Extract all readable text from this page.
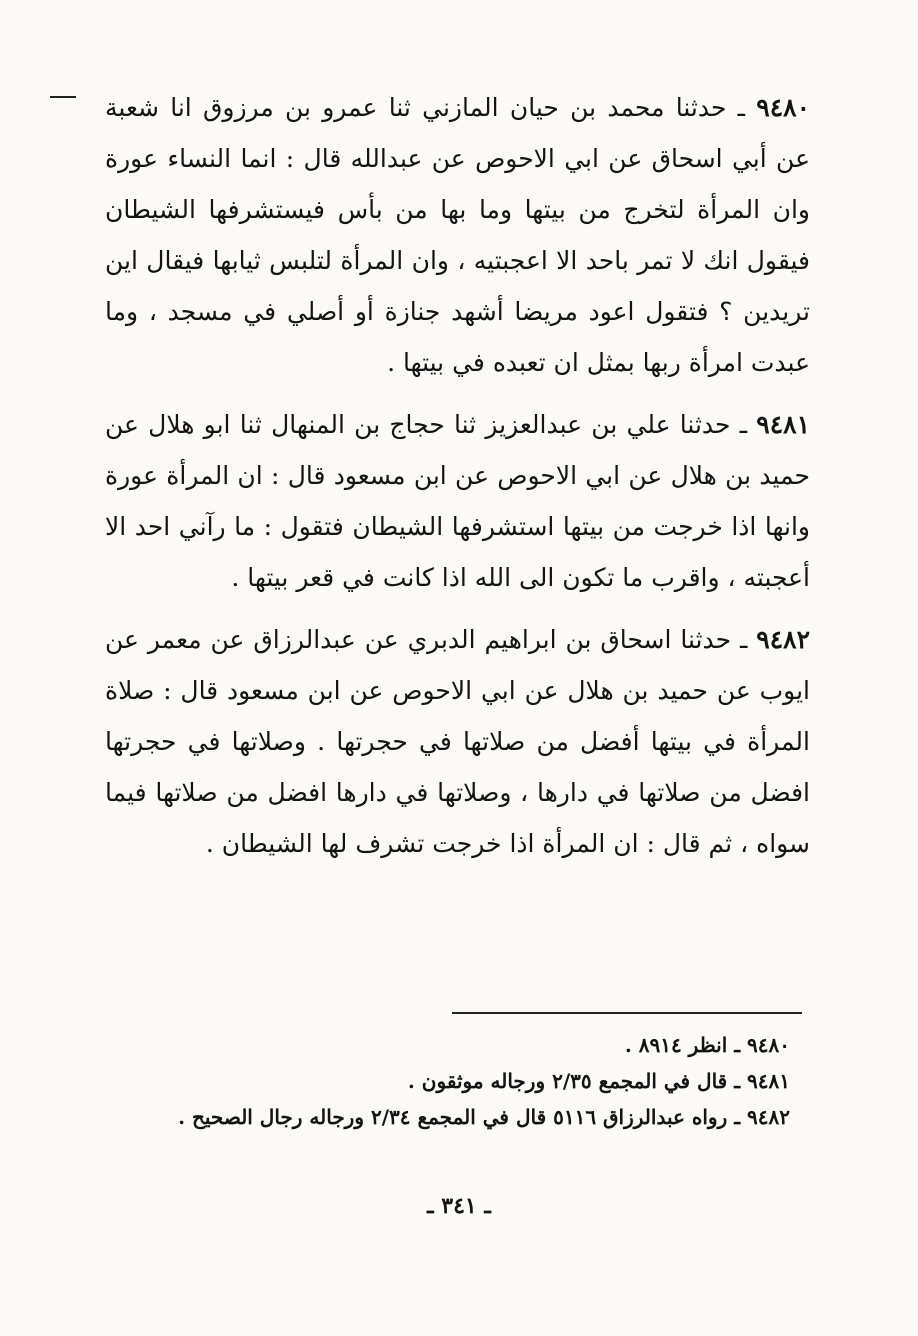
٩٤٨٠ ـ حدثنا محمد بن حيان المازني ثنا عمرو بن مرزوق انا شعبة عن أبي اسحاق عن ابي الاحوص عن عبدالله قال : انما النساء عورة وان المرأة لتخرج من بيتها وما بها من بأس فيستشرفها الشيطان فيقول انك لا تمر باحد الا اعجبتيه ، وان المرأة لتلبس ثيابها فيقال اين تريدين ؟ فتقول اعود مريضا أشهد جنازة أو أصلي في مسجد ، وما عبدت امرأة ربها بمثل ان تعبده في بيتها .

٩٤٨١ ـ حدثنا علي بن عبدالعزيز ثنا حجاج بن المنهال ثنا ابو هلال عن حميد بن هلال عن ابي الاحوص عن ابن مسعود قال : ان المرأة عورة وانها اذا خرجت من بيتها استشرفها الشيطان فتقول : ما رآني احد الا أعجبته ، واقرب ما تكون الى الله اذا كانت في قعر بيتها .

٩٤٨٢ ـ حدثنا اسحاق بن ابراهيم الدبري عن عبدالرزاق عن معمر عن ايوب عن حميد بن هلال عن ابي الاحوص عن ابن مسعود قال : صلاة المرأة في بيتها أفضل من صلاتها في حجرتها . وصلاتها في حجرتها افضل من صلاتها في دارها ، وصلاتها في دارها افضل من صلاتها فيما سواه ، ثم قال : ان المرأة اذا خرجت تشرف لها الشيطان .

٩٤٨٠ ـ انظر ٨٩١٤ .

٩٤٨١ ـ قال في المجمع ٢/٣٥ ورجاله موثقون .

٩٤٨٢ ـ رواه عبدالرزاق ٥١١٦ قال في المجمع ٢/٣٤ ورجاله رجال الصحيح .

ـ ٣٤١ ـ
